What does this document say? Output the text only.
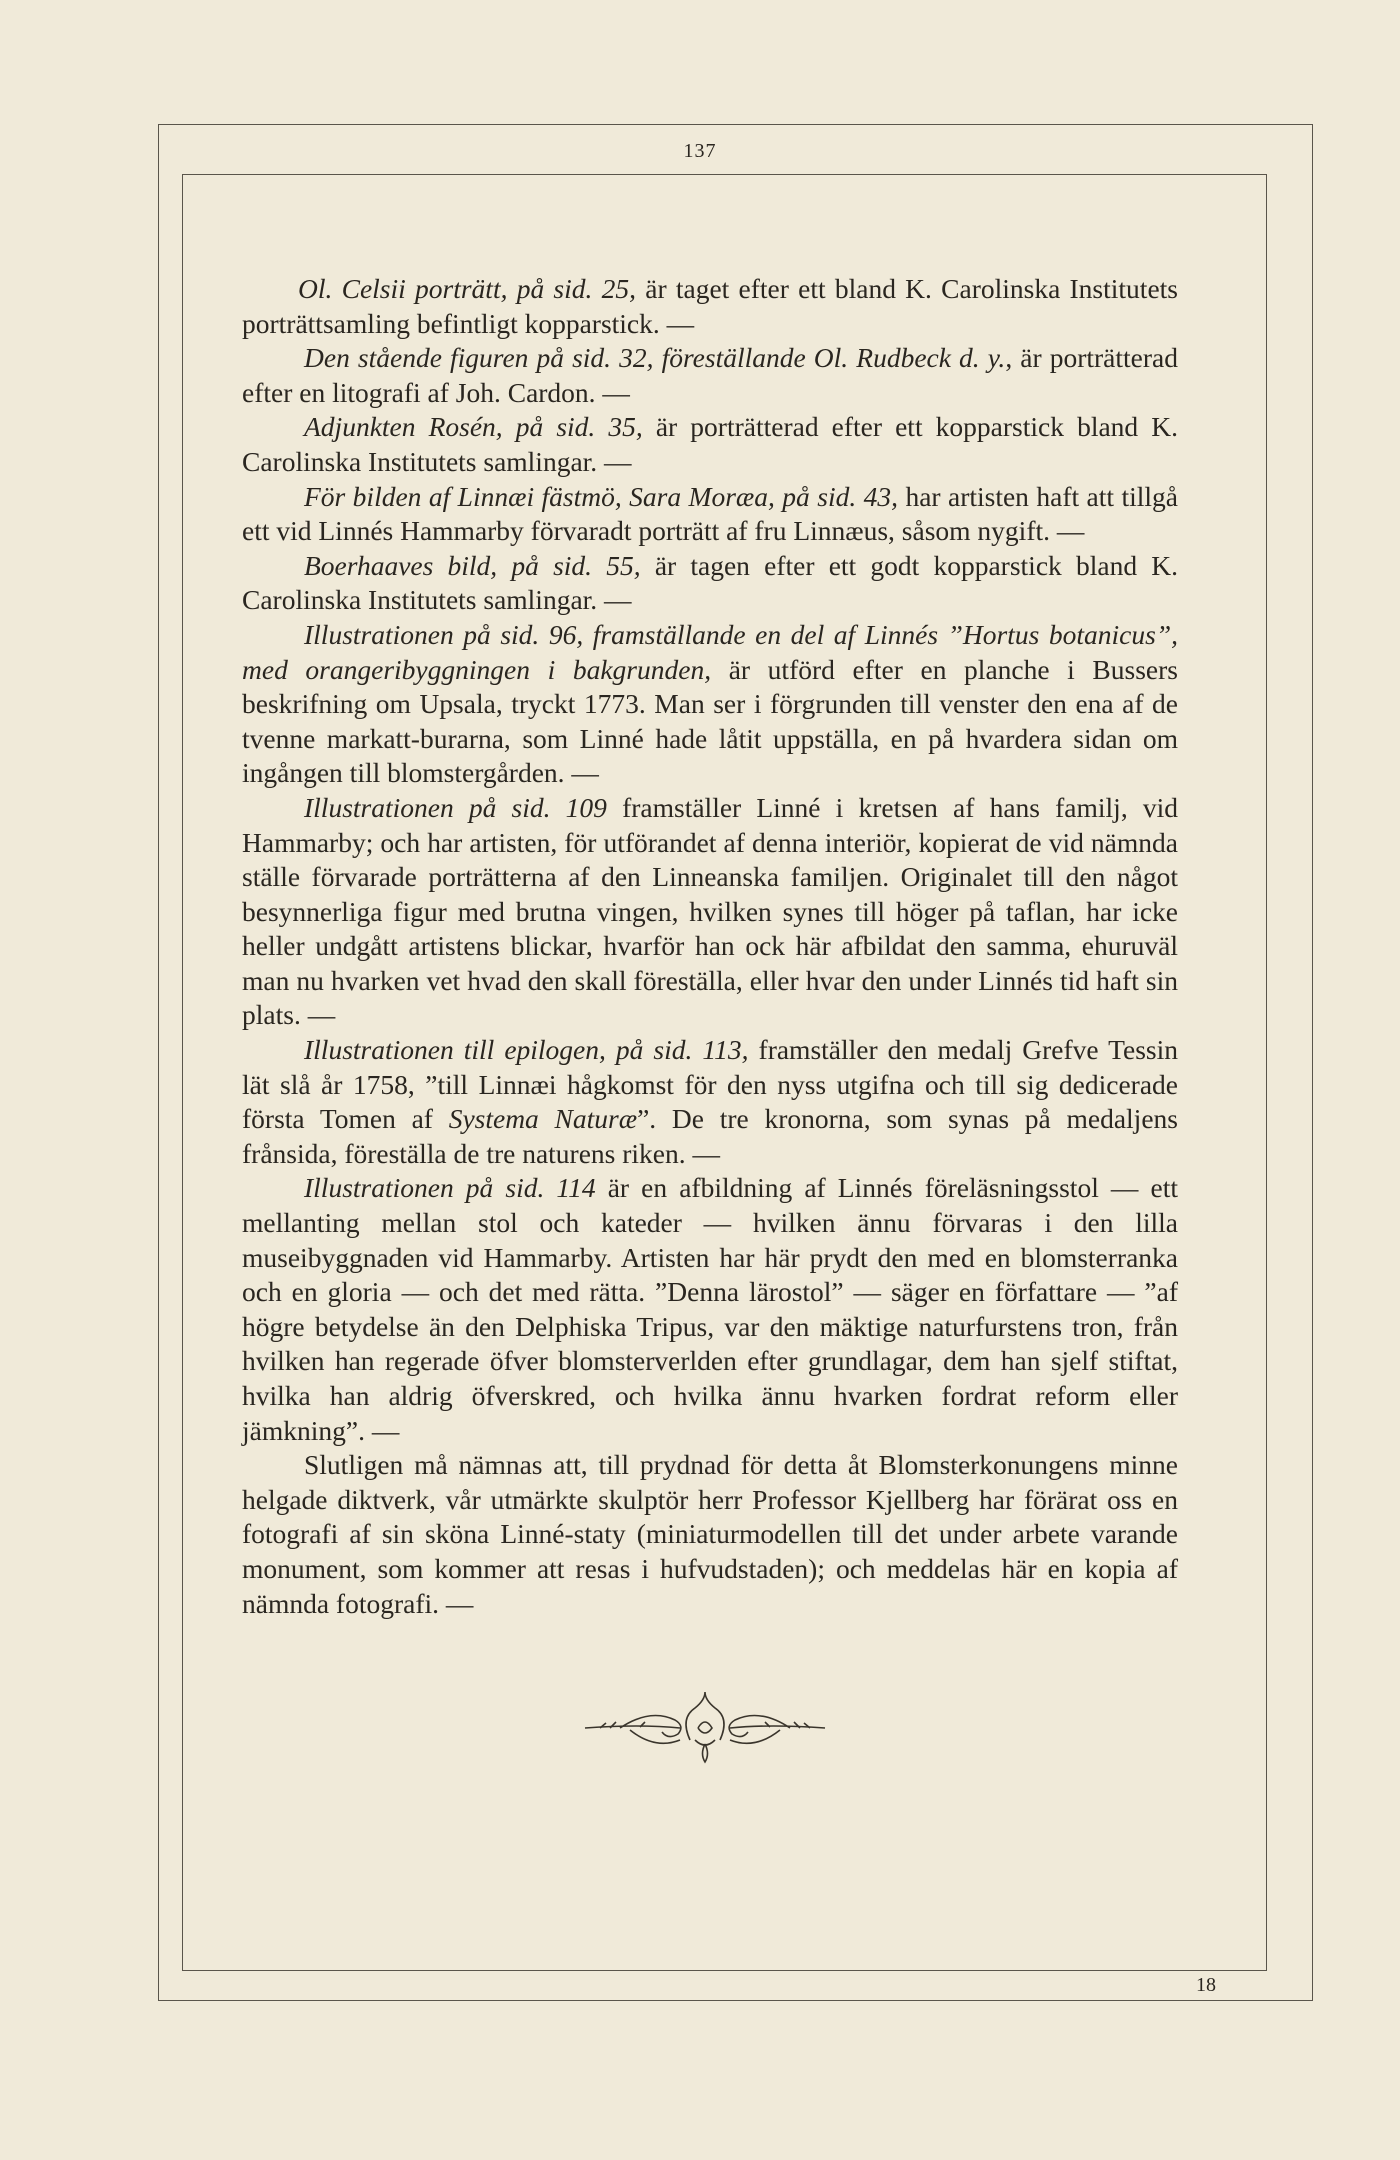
137

Ol. Celsii porträtt, på sid. 25, är taget efter ett bland K. Carolinska Institutets porträttsamling befintligt kopparstick. —

Den stående figuren på sid. 32, föreställande Ol. Rudbeck d. y., är porträtterad efter en litografi af Joh. Cardon. —

Adjunkten Rosén, på sid. 35, är porträtterad efter ett kopparstick bland K. Carolinska Institutets samlingar. —

För bilden af Linnæi fästmö, Sara Moræa, på sid. 43, har artisten haft att tillgå ett vid Linnés Hammarby förvaradt porträtt af fru Linnæus, såsom nygift. —

Boerhaaves bild, på sid. 55, är tagen efter ett godt kopparstick bland K. Carolinska Institutets samlingar. —

Illustrationen på sid. 96, framställande en del af Linnés ”Hortus botanicus”, med orangeribyggningen i bakgrunden, är utförd efter en planche i Bussers beskrifning om Upsala, tryckt 1773. Man ser i förgrunden till venster den ena af de tvenne markatt-burarna, som Linné hade låtit uppställa, en på hvardera sidan om ingången till blomstergården. —

Illustrationen på sid. 109 framställer Linné i kretsen af hans familj, vid Hammarby; och har artisten, för utförandet af denna interiör, kopierat de vid nämnda ställe förvarade porträtterna af den Linneanska familjen. Originalet till den något besynnerliga figur med brutna vingen, hvilken synes till höger på taflan, har icke heller undgått artistens blickar, hvarför han ock här afbildat den samma, ehuruväl man nu hvarken vet hvad den skall föreställa, eller hvar den under Linnés tid haft sin plats. —

Illustrationen till epilogen, på sid. 113, framställer den medalj Grefve Tessin lät slå år 1758, ”till Linnæi hågkomst för den nyss utgifna och till sig dedicerade första Tomen af Systema Naturæ”. De tre kronorna, som synas på medaljens frånsida, föreställa de tre naturens riken. —

Illustrationen på sid. 114 är en afbildning af Linnés föreläsningsstol — ett mellanting mellan stol och kateder — hvilken ännu förvaras i den lilla museibyggnaden vid Hammarby. Artisten har här prydt den med en blomsterranka och en gloria — och det med rätta. ”Denna lärostol” — säger en författare — ”af högre betydelse än den Delphiska Tripus, var den mäktige naturfurstens tron, från hvilken han regerade öfver blomsterverlden efter grundlagar, dem han sjelf stiftat, hvilka han aldrig öfverskred, och hvilka ännu hvarken fordrat reform eller jämkning”. —

Slutligen må nämnas att, till prydnad för detta åt Blomsterkonungens minne helgade diktverk, vår utmärkte skulptör herr Professor Kjellberg har förärat oss en fotografi af sin sköna Linné-staty (miniaturmodellen till det under arbete varande monument, som kommer att resas i hufvudstaden); och meddelas här en kopia af nämnda fotografi. —

18
